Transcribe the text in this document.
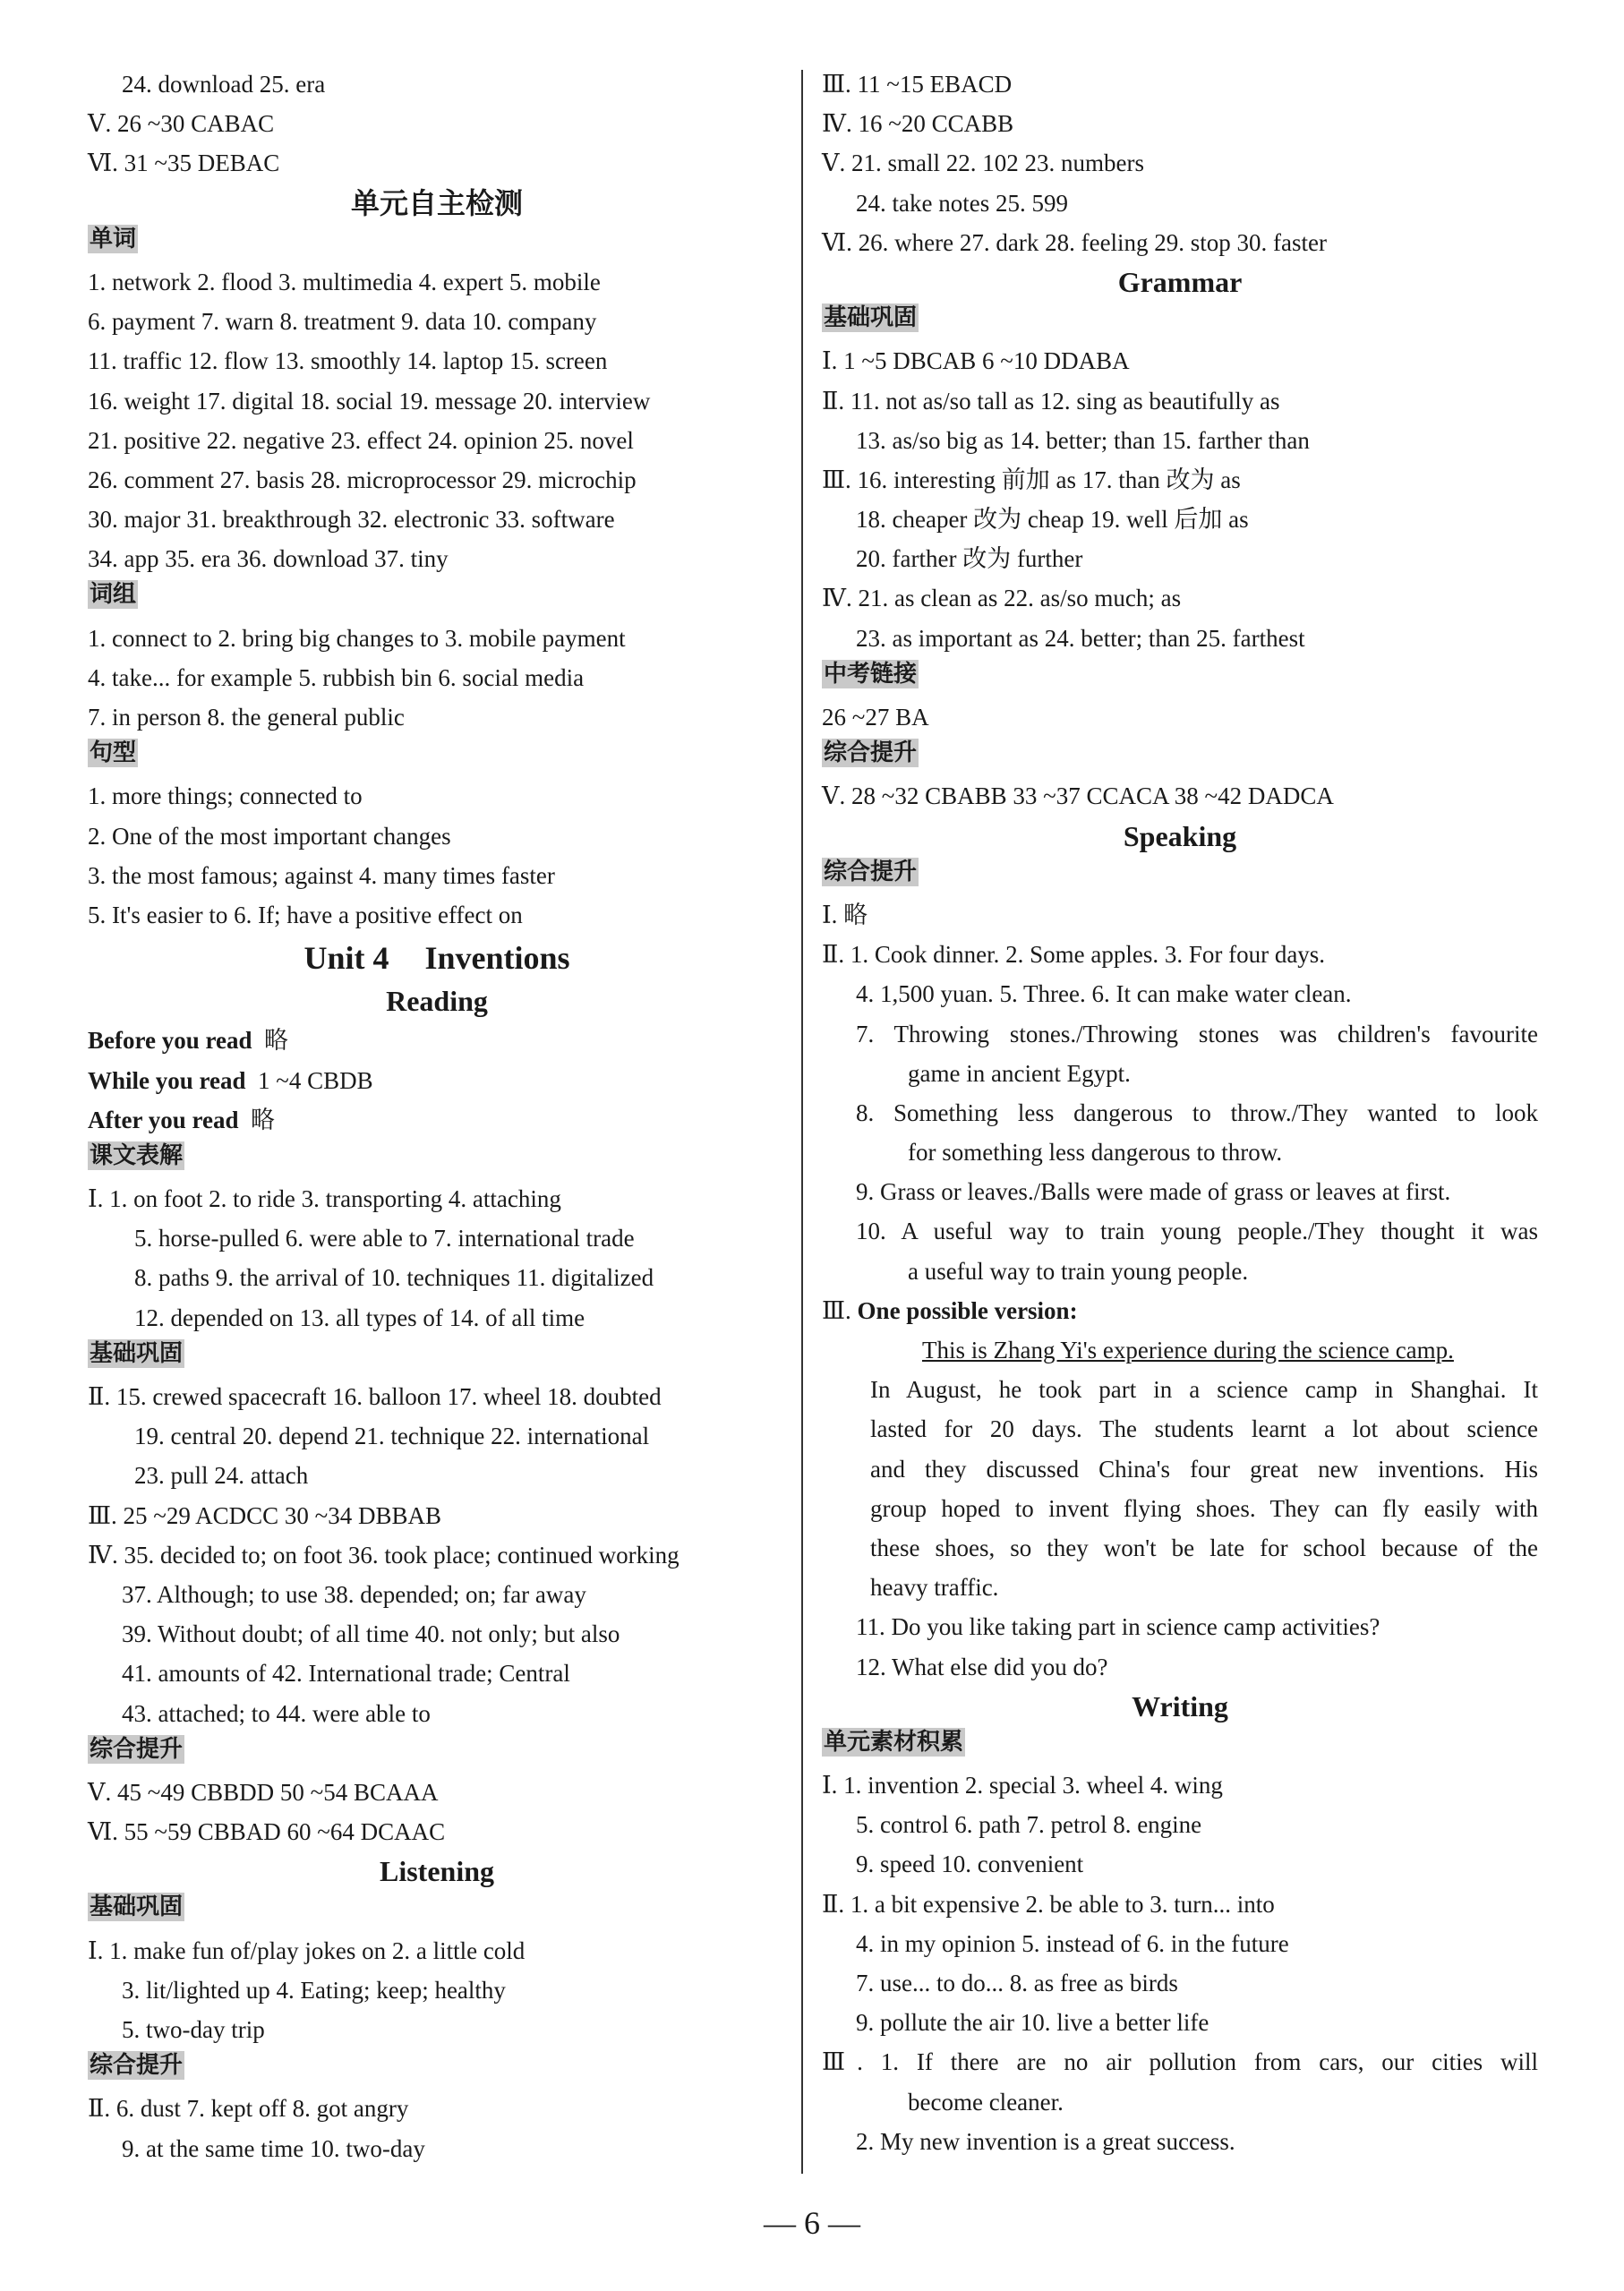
24. download 25. era
Ⅴ. 26 ~30 CABAC
Ⅵ. 31 ~35 DEBAC
单元自主检测
单词
1. network 2. flood 3. multimedia 4. expert 5. mobile
6. payment 7. warn 8. treatment 9. data 10. company
11. traffic 12. flow 13. smoothly 14. laptop 15. screen
16. weight 17. digital 18. social 19. message 20. interview
21. positive 22. negative 23. effect 24. opinion 25. novel
26. comment 27. basis 28. microprocessor 29. microchip
30. major 31. breakthrough 32. electronic 33. software
34. app 35. era 36. download 37. tiny
词组
1. connect to 2. bring big changes to 3. mobile payment
4. take... for example 5. rubbish bin 6. social media
7. in person 8. the general public
句型
1. more things; connected to
2. One of the most important changes
3. the most famous; against 4. many times faster
5. It's easier to 6. If; have a positive effect on
Unit 4 Inventions
Reading
Before you read  略
While you read  1 ~4 CBDB
After you read  略
课文表解
Ⅰ. 1. on foot 2. to ride 3. transporting 4. attaching
5. horse-pulled 6. were able to 7. international trade
8. paths 9. the arrival of 10. techniques 11. digitalized
12. depended on 13. all types of 14. of all time
基础巩固
Ⅱ. 15. crewed spacecraft 16. balloon 17. wheel 18. doubted
19. central 20. depend 21. technique 22. international
23. pull 24. attach
Ⅲ. 25 ~29 ACDCC 30 ~34 DBBAB
Ⅳ. 35. decided to; on foot 36. took place; continued working
37. Although; to use 38. depended; on; far away
39. Without doubt; of all time 40. not only; but also
41. amounts of 42. International trade; Central
43. attached; to 44. were able to
综合提升
Ⅴ. 45 ~49 CBBDD 50 ~54 BCAAA
Ⅵ. 55 ~59 CBBAD 60 ~64 DCAAC
Listening
基础巩固
Ⅰ. 1. make fun of/play jokes on 2. a little cold
3. lit/lighted up 4. Eating; keep; healthy
5. two-day trip
综合提升
Ⅱ. 6. dust 7. kept off 8. got angry
9. at the same time 10. two-day
Ⅲ. 11 ~15 EBACD
Ⅳ. 16 ~20 CCABB
Ⅴ. 21. small 22. 102 23. numbers
24. take notes 25. 599
Ⅵ. 26. where 27. dark 28. feeling 29. stop 30. faster
Grammar
基础巩固
Ⅰ. 1 ~5 DBCAB 6 ~10 DDABA
Ⅱ. 11. not as/so tall as 12. sing as beautifully as
13. as/so big as 14. better; than 15. farther than
Ⅲ. 16. interesting 前加 as 17. than 改为 as
18. cheaper 改为 cheap 19. well 后加 as
20. farther 改为 further
Ⅳ. 21. as clean as 22. as/so much; as
23. as important as 24. better; than 25. farthest
中考链接
26 ~27 BA
综合提升
Ⅴ. 28 ~32 CBABB 33 ~37 CCACA 38 ~42 DADCA
Speaking
综合提升
Ⅰ. 略
Ⅱ. 1. Cook dinner. 2. Some apples. 3. For four days.
4. 1,500 yuan. 5. Three. 6. It can make water clean.
7. Throwing stones./Throwing stones was children's favourite
game in ancient Egypt.
8. Something less dangerous to throw./They wanted to look
for something less dangerous to throw.
9. Grass or leaves./Balls were made of grass or leaves at first.
10. A useful way to train young people./They thought it was
a useful way to train young people.
Ⅲ. One possible version:
This is Zhang Yi's experience during the science camp.
In August, he took part in a science camp in Shanghai. It
lasted for 20 days. The students learnt a lot about science
and they discussed China's four great new inventions. His
group hoped to invent flying shoes. They can fly easily with
these shoes, so they won't be late for school because of the
heavy traffic.
11. Do you like taking part in science camp activities?
12. What else did you do?
Writing
单元素材积累
Ⅰ. 1. invention 2. special 3. wheel 4. wing
5. control 6. path 7. petrol 8. engine
9. speed 10. convenient
Ⅱ. 1. a bit expensive 2. be able to 3. turn... into
4. in my opinion 5. instead of 6. in the future
7. use... to do... 8. as free as birds
9. pollute the air 10. live a better life
Ⅲ. 1. If there are no air pollution from cars, our cities will
become cleaner.
2. My new invention is a great success.
— 6 —
